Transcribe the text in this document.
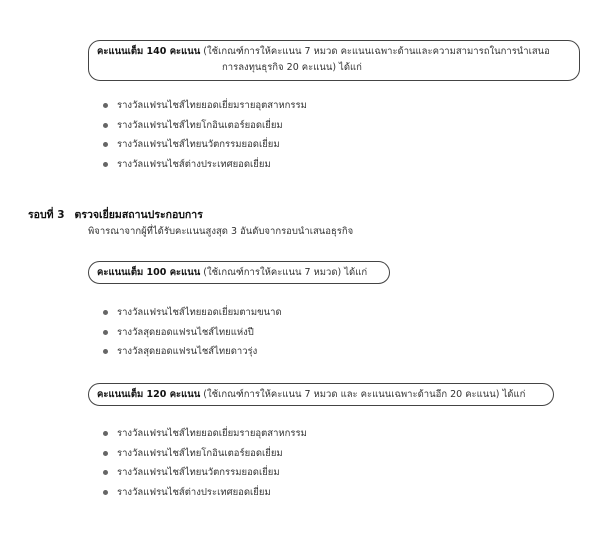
คะแนนเต็ม 140 คะแนน (ใช้เกณฑ์การให้คะแนน 7 หมวด คะแนนเฉพาะด้านและความสามารถในการนำเสนอ
การลงทุนธุรกิจ 20 คะแนน) ได้แก่
รางวัลแฟรนไชส์ไทยยอดเยี่ยมรายอุตสาหกรรม
รางวัลแฟรนไชส์ไทยโกอินเตอร์ยอดเยี่ยม
รางวัลแฟรนไชส์ไทยนวัตกรรมยอดเยี่ยม
รางวัลแฟรนไชส์ต่างประเทศยอดเยี่ยม
รอบที่ 3 ตรวจเยี่ยมสถานประกอบการ
พิจารณาจากผู้ที่ได้รับคะแนนสูงสุด 3 อันดับจากรอบนำเสนอธุรกิจ
คะแนนเต็ม 100 คะแนน (ใช้เกณฑ์การให้คะแนน 7 หมวด) ได้แก่
รางวัลแฟรนไชส์ไทยยอดเยี่ยมตามขนาด
รางวัลสุดยอดแฟรนไชส์ไทยแห่งปี
รางวัลสุดยอดแฟรนไชส์ไทยดาวรุ่ง
คะแนนเต็ม 120 คะแนน (ใช้เกณฑ์การให้คะแนน 7 หมวด และ คะแนนเฉพาะด้านอีก 20 คะแนน) ได้แก่
รางวัลแฟรนไชส์ไทยยอดเยี่ยมรายอุตสาหกรรม
รางวัลแฟรนไชส์ไทยโกอินเตอร์ยอดเยี่ยม
รางวัลแฟรนไชส์ไทยนวัตกรรมยอดเยี่ยม
รางวัลแฟรนไชส์ต่างประเทศยอดเยี่ยม
